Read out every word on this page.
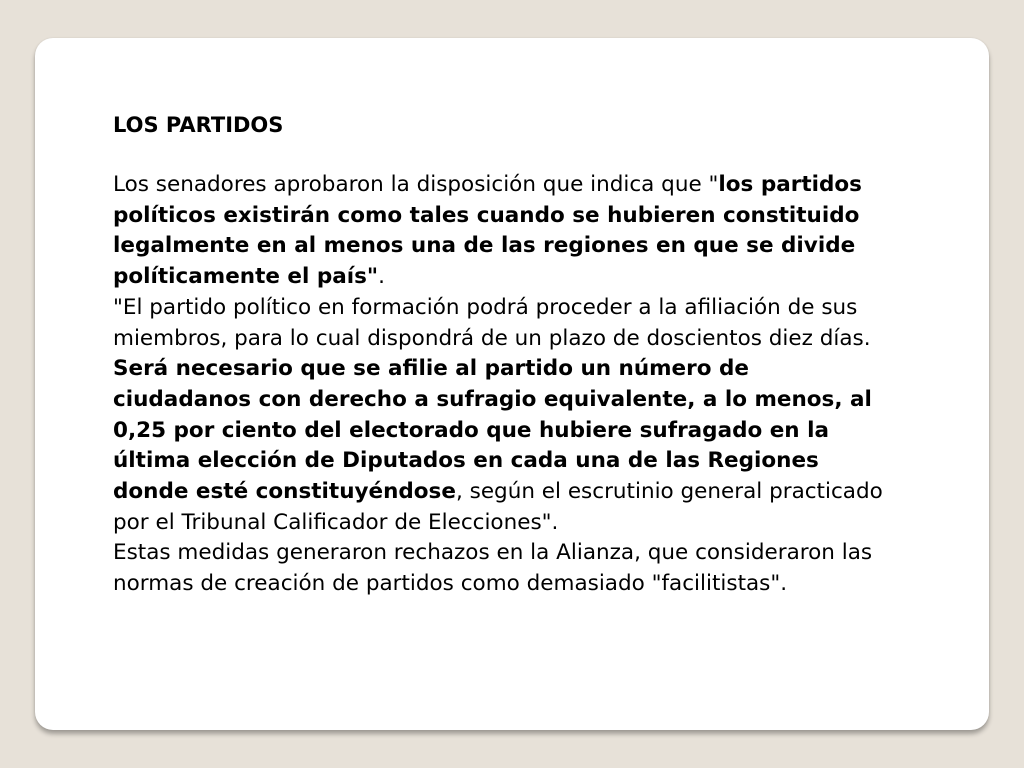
LOS PARTIDOS

Los senadores aprobaron la disposición que indica que "los partidos políticos existirán como tales cuando se hubieren constituido legalmente en al menos una de las regiones en que se divide políticamente el país".

"El partido político en formación podrá proceder a la afiliación de sus miembros, para lo cual dispondrá de un plazo de doscientos diez días. Será necesario que se afilie al partido un número de ciudadanos con derecho a sufragio equivalente, a lo menos, al 0,25 por ciento del electorado que hubiere sufragado en la última elección de Diputados en cada una de las Regiones donde esté constituyéndose, según el escrutinio general practicado por el Tribunal Calificador de Elecciones".

Estas medidas generaron rechazos en la Alianza, que consideraron las normas de creación de partidos como demasiado "facilitistas".
